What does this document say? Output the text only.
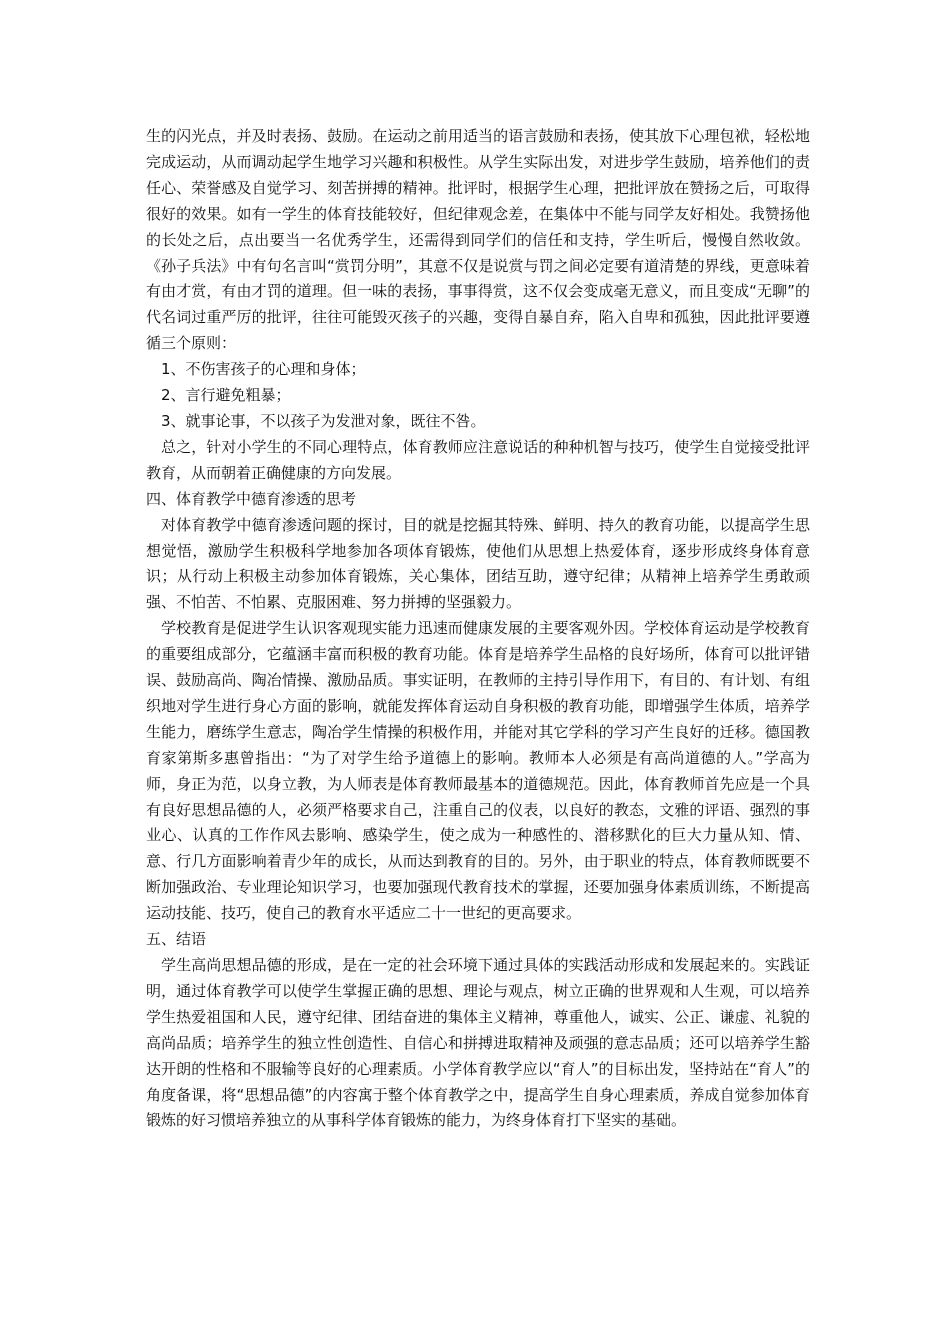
生的闪光点，并及时表扬、鼓励。在运动之前用适当的语言鼓励和表扬，使其放下心理包袱，轻松地完成运动，从而调动起学生地学习兴趣和积极性。从学生实际出发，对进步学生鼓励，培养他们的责任心、荣誉感及自觉学习、刻苦拼搏的精神。批评时，根据学生心理，把批评放在赞扬之后，可取得很好的效果。如有一学生的体育技能较好，但纪律观念差，在集体中不能与同学友好相处。我赞扬他的长处之后，点出要当一名优秀学生，还需得到同学们的信任和支持，学生听后，慢慢自然收敛。《孙子兵法》中有句名言叫“赏罚分明”，其意不仅是说赏与罚之间必定要有道清楚的界线，更意味着有由才赏，有由才罚的道理。但一味的表扬，事事得赏，这不仅会变成毫无意义，而且变成“无聊”的代名词过重严厉的批评，往往可能毁灭孩子的兴趣，变得自暴自弃，陷入自卑和孤独，因此批评要遵循三个原则：

1、不伤害孩子的心理和身体；

2、言行避免粗暴；

3、就事论事，不以孩子为发泄对象，既往不咎。

总之，针对小学生的不同心理特点，体育教师应注意说话的种种机智与技巧，使学生自觉接受批评教育，从而朝着正确健康的方向发展。

四、体育教学中德育渗透的思考

对体育教学中德育渗透问题的探讨，目的就是挖掘其特殊、鲜明、持久的教育功能，以提高学生思想觉悟，激励学生积极科学地参加各项体育锻炼，使他们从思想上热爱体育，逐步形成终身体育意识；从行动上积极主动参加体育锻炼，关心集体，团结互助，遵守纪律；从精神上培养学生勇敢顽强、不怕苦、不怕累、克服困难、努力拼搏的坚强毅力。

学校教育是促进学生认识客观现实能力迅速而健康发展的主要客观外因。学校体育运动是学校教育的重要组成部分，它蕴涵丰富而积极的教育功能。体育是培养学生品格的良好场所，体育可以批评错误、鼓励高尚、陶冶情操、激励品质。事实证明，在教师的主持引导作用下，有目的、有计划、有组织地对学生进行身心方面的影响，就能发挥体育运动自身积极的教育功能，即增强学生体质，培养学生能力，磨练学生意志，陶冶学生情操的积极作用，并能对其它学科的学习产生良好的迁移。德国教育家第斯多惠曾指出：“为了对学生给予道德上的影响。教师本人必须是有高尚道德的人。”学高为师，身正为范，以身立教，为人师表是体育教师最基本的道德规范。因此，体育教师首先应是一个具有良好思想品德的人，必须严格要求自己，注重自己的仪表，以良好的教态，文雅的评语、强烈的事业心、认真的工作作风去影响、感染学生，使之成为一种感性的、潜移默化的巨大力量从知、情、意、行几方面影响着青少年的成长，从而达到教育的目的。另外，由于职业的特点，体育教师既要不断加强政治、专业理论知识学习，也要加强现代教育技术的掌握，还要加强身体素质训练，不断提高运动技能、技巧，使自己的教育水平适应二十一世纪的更高要求。

五、结语

学生高尚思想品德的形成，是在一定的社会环境下通过具体的实践活动形成和发展起来的。实践证明，通过体育教学可以使学生掌握正确的思想、理论与观点，树立正确的世界观和人生观，可以培养学生热爱祖国和人民，遵守纪律、团结奋进的集体主义精神，尊重他人，诚实、公正、谦虚、礼貌的高尚品质；培养学生的独立性创造性、自信心和拼搏进取精神及顽强的意志品质；还可以培养学生豁达开朗的性格和不服输等良好的心理素质。小学体育教学应以“育人”的目标出发，坚持站在“育人”的角度备课，将“思想品德”的内容寓于整个体育教学之中，提高学生自身心理素质，养成自觉参加体育锻炼的好习惯培养独立的从事科学体育锻炼的能力，为终身体育打下坚实的基础。
